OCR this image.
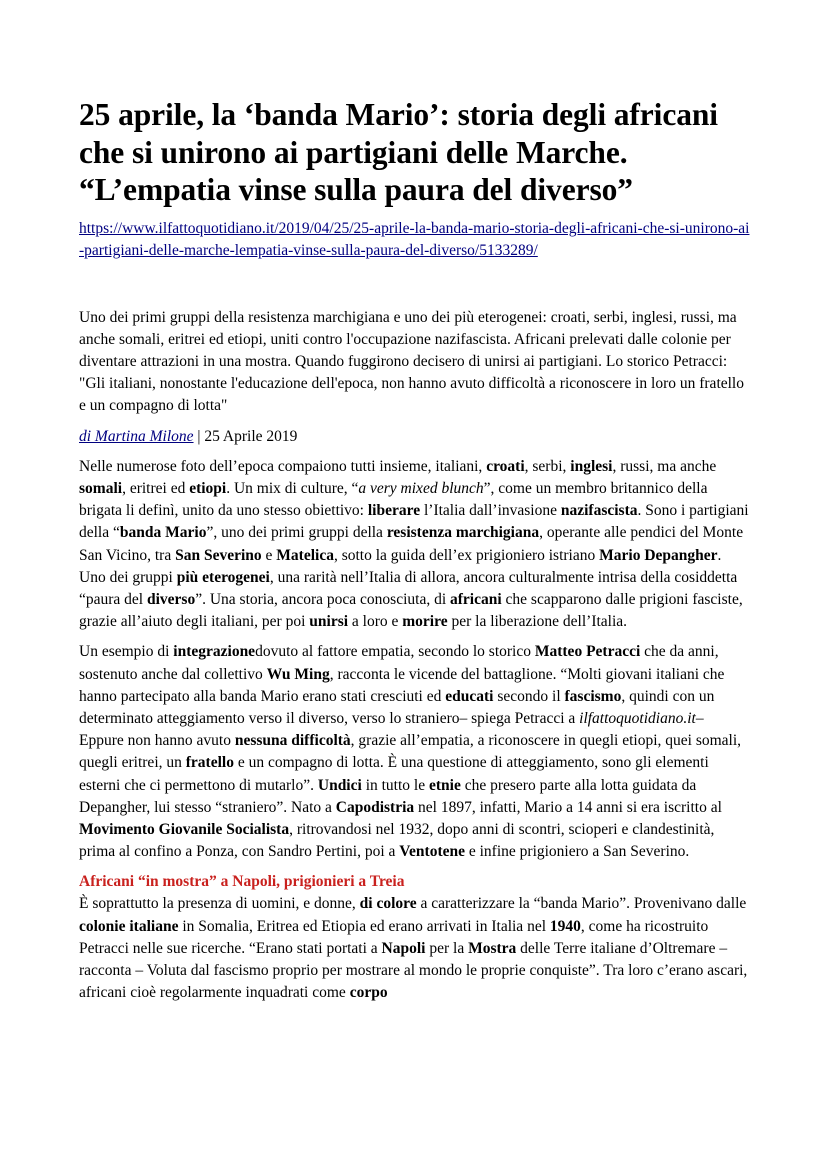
25 aprile, la ‘banda Mario’: storia degli africani che si unirono ai partigiani delle Marche. “L’empatia vinse sulla paura del diverso”
https://www.ilfattoquotidiano.it/2019/04/25/25-aprile-la-banda-mario-storia-degli-africani-che-si-unirono-ai-partigiani-delle-marche-lempatia-vinse-sulla-paura-del-diverso/5133289/

Uno dei primi gruppi della resistenza marchigiana e uno dei più eterogenei: croati, serbi, inglesi, russi, ma anche somali, eritrei ed etiopi, uniti contro l'occupazione nazifascista. Africani prelevati dalle colonie per diventare attrazioni in una mostra. Quando fuggirono decisero di unirsi ai partigiani. Lo storico Petracci: "Gli italiani, nonostante l'educazione dell'epoca, non hanno avuto difficoltà a riconoscere in loro un fratello e un compagno di lotta"

di Martina Milone | 25 Aprile 2019

Nelle numerose foto dell’epoca compaiono tutti insieme, italiani, croati, serbi, inglesi, russi, ma anche somali, eritrei ed etiopi. Un mix di culture, “a very mixed blunch”, come un membro britannico della brigata li definì, unito da uno stesso obiettivo: liberare l’Italia dall’invasione nazifascista. Sono i partigiani della “banda Mario”, uno dei primi gruppi della resistenza marchigiana, operante alle pendici del Monte San Vicino, tra San Severino e Matelica, sotto la guida dell’ex prigioniero istriano Mario Depangher. Uno dei gruppi più eterogenei, una rarità nell’Italia di allora, ancora culturalmente intrisa della cosiddetta “paura del diverso”. Una storia, ancora poca conosciuta, di africani che scapparono dalle prigioni fasciste, grazie all’aiuto degli italiani, per poi unirsi a loro e morire per la liberazione dell’Italia.

Un esempio di integrazionedovuto al fattore empatia, secondo lo storico Matteo Petracci che da anni, sostenuto anche dal collettivo Wu Ming, racconta le vicende del battaglione. “Molti giovani italiani che hanno partecipato alla banda Mario erano stati cresciuti ed educati secondo il fascismo, quindi con un determinato atteggiamento verso il diverso, verso lo straniero– spiega Petracci a ilfattoquotidiano.it– Eppure non hanno avuto nessuna difficoltà, grazie all’empatia, a riconoscere in quegli etiopi, quei somali, quegli eritrei, un fratello e un compagno di lotta. È una questione di atteggiamento, sono gli elementi esterni che ci permettono di mutarlo”. Undici in tutto le etnie che presero parte alla lotta guidata da Depangher, lui stesso “straniero”. Nato a Capodistria nel 1897, infatti, Mario a 14 anni si era iscritto al Movimento Giovanile Socialista, ritrovandosi nel 1932, dopo anni di scontri, scioperi e clandestinità, prima al confino a Ponza, con Sandro Pertini, poi a Ventotene e infine prigioniero a San Severino.

Africani “in mostra” a Napoli, prigionieri a Treia

È soprattutto la presenza di uomini, e donne, di colore a caratterizzare la “banda Mario”. Provenivano dalle colonie italiane in Somalia, Eritrea ed Etiopia ed erano arrivati in Italia nel 1940, come ha ricostruito Petracci nelle sue ricerche. “Erano stati portati a Napoli per la Mostra delle Terre italiane d’Oltremare – racconta – Voluta dal fascismo proprio per mostrare al mondo le proprie conquiste”. Tra loro c’erano ascari, africani cioè regolarmente inquadrati come corpo
